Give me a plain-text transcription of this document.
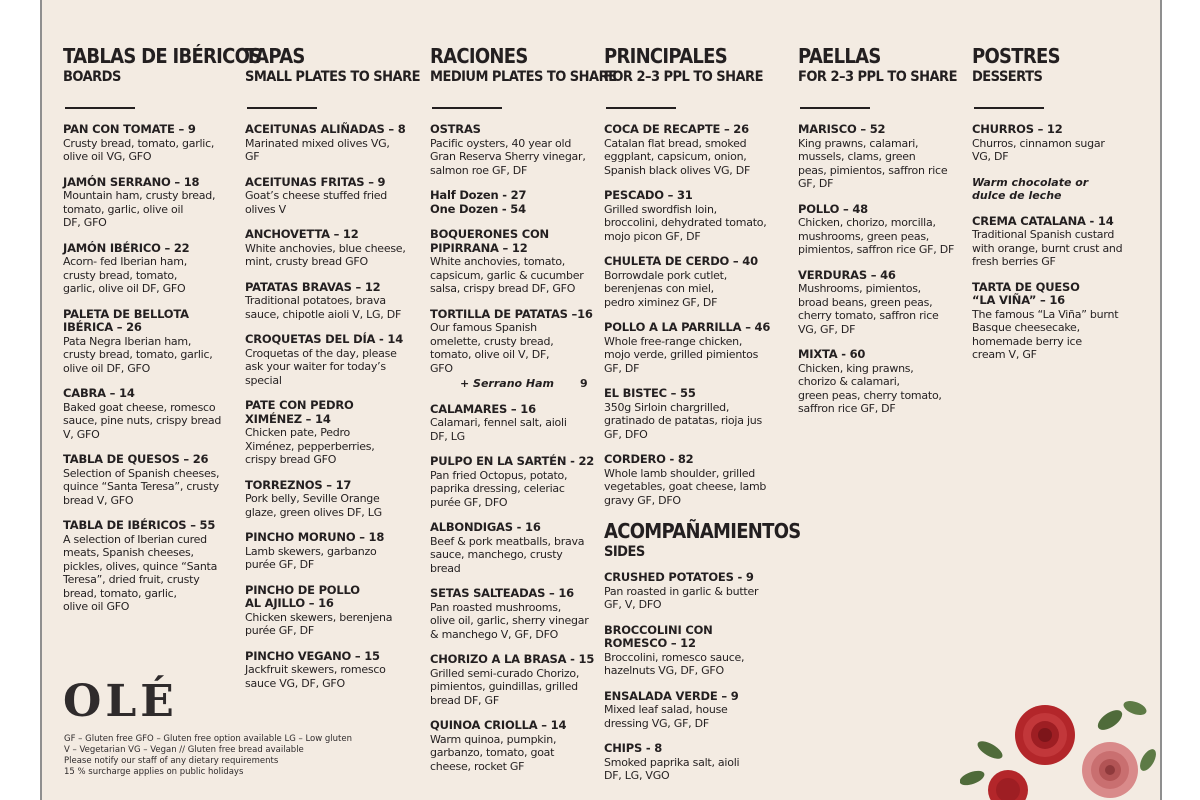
TABLAS DE IBÉRICOS
BOARDS
PAN CON TOMATE – 9
Crusty bread, tomato, garlic,
olive oil VG, GFO
JAMÓN SERRANO – 18
Mountain ham, crusty bread,
tomato, garlic, olive oil
DF, GFO
JAMÓN IBÉRICO – 22
Acorn- fed Iberian ham,
crusty bread, tomato,
garlic, olive oil DF, GFO
PALETA DE BELLOTA
IBÉRICA – 26
Pata Negra Iberian ham,
crusty bread, tomato, garlic,
olive oil DF, GFO
CABRA – 14
Baked goat cheese, romesco
sauce, pine nuts, crispy bread
V, GFO
TABLA DE QUESOS – 26
Selection of Spanish cheeses,
quince “Santa Teresa”, crusty
bread V, GFO
TABLA DE IBÉRICOS – 55
A selection of Iberian cured
meats, Spanish cheeses,
pickles, olives, quince “Santa
Teresa”, dried fruit, crusty
bread, tomato, garlic,
olive oil GFO
TAPAS
SMALL PLATES TO SHARE
ACEITUNAS ALIÑADAS – 8
Marinated mixed olives VG,
GF
ACEITUNAS FRITAS – 9
Goat’s cheese stuffed fried
olives V
ANCHOVETTA – 12
White anchovies, blue cheese,
mint, crusty bread GFO
PATATAS BRAVAS – 12
Traditional potatoes, brava
sauce, chipotle aioli V, LG, DF
CROQUETAS DEL DÍA - 14
Croquetas of the day, please
ask your waiter for today’s
special
PATE CON PEDRO
XIMÉNEZ – 14
Chicken pate, Pedro
Ximénez, pepperberries,
crispy bread GFO
TORREZNOS – 17
Pork belly, Seville Orange
glaze, green olives DF, LG
PINCHO MORUNO – 18
Lamb skewers, garbanzo
purée GF, DF
PINCHO DE POLLO
AL AJILLO – 16
Chicken skewers, berenjena
purée GF, DF
PINCHO VEGANO – 15
Jackfruit skewers, romesco
sauce VG, DF, GFO
RACIONES
MEDIUM PLATES TO SHARE
OSTRAS
Pacific oysters, 40 year old
Gran Reserva Sherry vinegar,
salmon roe GF, DF
Half Dozen - 27
One Dozen - 54
BOQUERONES CON
PIPIRRANA – 12
White anchovies, tomato,
capsicum, garlic & cucumber
salsa, crispy bread DF, GFO
TORTILLA DE PATATAS –16
Our famous Spanish
omelette, crusty bread,
tomato, olive oil V, DF,
GFO
+ Serrano Ham 9
CALAMARES – 16
Calamari, fennel salt, aioli
DF, LG
PULPO EN LA SARTÉN - 22
Pan fried Octopus, potato,
paprika dressing, celeriac
purée GF, DFO
ALBONDIGAS - 16
Beef & pork meatballs, brava
sauce, manchego, crusty
bread
SETAS SALTEADAS – 16
Pan roasted mushrooms,
olive oil, garlic, sherry vinegar
& manchego V, GF, DFO
CHORIZO A LA BRASA - 15
Grilled semi-curado Chorizo,
pimientos, guindillas, grilled
bread DF, GF
QUINOA CRIOLLA – 14
Warm quinoa, pumpkin,
garbanzo, tomato, goat
cheese, rocket GF
PRINCIPALES
FOR 2–3 PPL TO SHARE
COCA DE RECAPTE – 26
Catalan flat bread, smoked
eggplant, capsicum, onion,
Spanish black olives VG, DF
PESCADO – 31
Grilled swordfish loin,
broccolini, dehydrated tomato,
mojo picon GF, DF
CHULETA DE CERDO – 40
Borrowdale pork cutlet,
berenjenas con miel,
pedro ximinez GF, DF
POLLO A LA PARRILLA – 46
Whole free-range chicken,
mojo verde, grilled pimientos
GF, DF
EL BISTEC – 55
350g Sirloin chargrilled,
gratinado de patatas, rioja jus
GF, DFO
CORDERO - 82
Whole lamb shoulder, grilled
vegetables, goat cheese, lamb
gravy GF, DFO
ACOMPAÑAMIENTOS
SIDES
CRUSHED POTATOES - 9
Pan roasted in garlic & butter
GF, V, DFO
BROCCOLINI CON
ROMESCO – 12
Broccolini, romesco sauce,
hazelnuts VG, DF, GFO
ENSALADA VERDE – 9
Mixed leaf salad, house
dressing VG, GF, DF
CHIPS - 8
Smoked paprika salt, aioli
DF, LG, VGO
PAELLAS
FOR 2–3 PPL TO SHARE
MARISCO – 52
King prawns, calamari,
mussels, clams, green
peas, pimientos, saffron rice
GF, DF
POLLO – 48
Chicken, chorizo, morcilla,
mushrooms, green peas,
pimientos, saffron rice GF, DF
VERDURAS – 46
Mushrooms, pimientos,
broad beans, green peas,
cherry tomato, saffron rice
VG, GF, DF
MIXTA - 60
Chicken, king prawns,
chorizo & calamari,
green peas, cherry tomato,
saffron rice GF, DF
POSTRES
DESSERTS
CHURROS – 12
Churros, cinnamon sugar
VG, DF
Warm chocolate or
dulce de leche
CREMA CATALANA - 14
Traditional Spanish custard
with orange, burnt crust and
fresh berries GF
TARTA DE QUESO
“LA VIÑA” – 16
The famous “La Viña” burnt
Basque cheesecake,
homemade berry ice
cream V, GF
OLÉ
GF – Gluten free GFO – Gluten free option available LG – Low gluten
V – Vegetarian VG – Vegan // Gluten free bread available
Please notify our staff of any dietary requirements
15 % surcharge applies on public holidays
